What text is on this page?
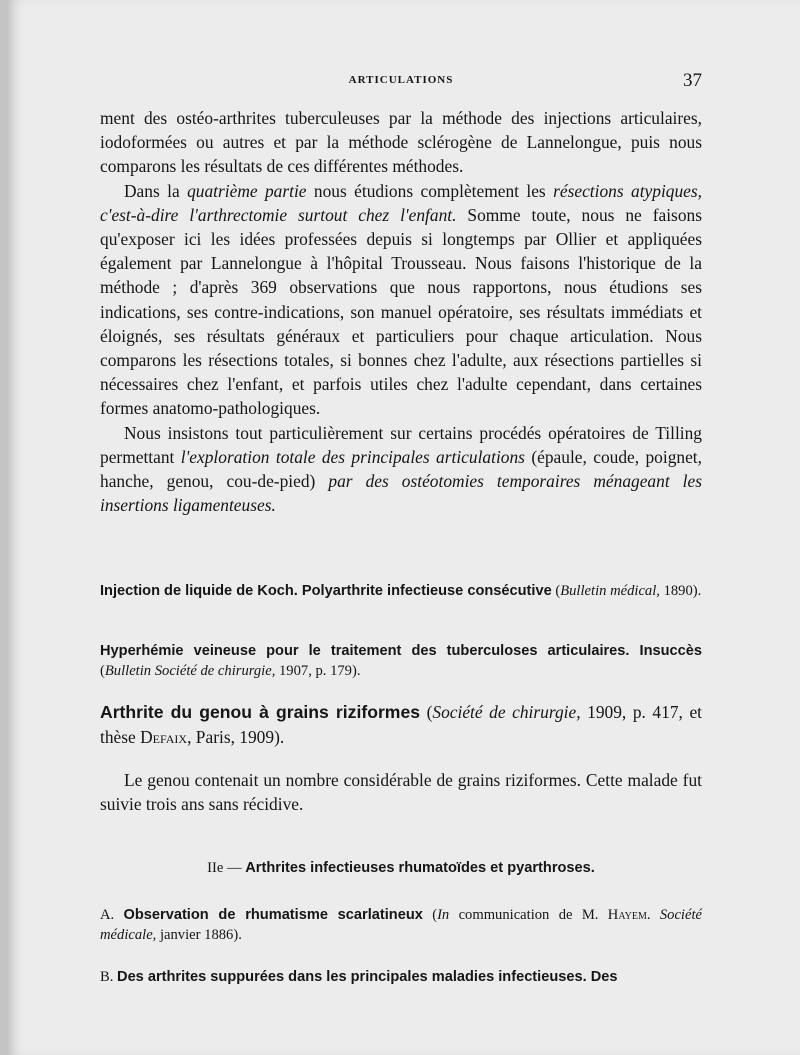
ARTICULATIONS	37

ment des ostéo-arthrites tuberculeuses par la méthode des injections articulaires, iodoformées ou autres et par la méthode sclérogène de Lannelongue, puis nous comparons les résultats de ces différentes méthodes.

Dans la quatrième partie nous étudions complètement les résections atypiques, c'est-à-dire l'arthrectomie surtout chez l'enfant. Somme toute, nous ne faisons qu'exposer ici les idées professées depuis si longtemps par Ollier et appliquées également par Lannelongue à l'hôpital Trousseau. Nous faisons l'historique de la méthode ; d'après 369 observations que nous rapportons, nous étudions ses indications, ses contre-indications, son manuel opératoire, ses résultats immédiats et éloignés, ses résultats généraux et particuliers pour chaque articulation. Nous comparons les résections totales, si bonnes chez l'adulte, aux résections partielles si nécessaires chez l'enfant, et parfois utiles chez l'adulte cependant, dans certaines formes anatomo-pathologiques.

Nous insistons tout particulièrement sur certains procédés opératoires de Tilling permettant l'exploration totale des principales articulations (épaule, coude, poignet, hanche, genou, cou-de-pied) par des ostéotomies temporaires ménageant les insertions ligamenteuses.

Injection de liquide de Koch. Polyarthrite infectieuse consécutive (Bulletin médical, 1890).

Hyperhémie veineuse pour le traitement des tuberculoses articulaires. Insuccès (Bulletin Société de chirurgie, 1907, p. 179).

Arthrite du genou à grains riziformes (Société de chirurgie, 1909, p. 417, et thèse Defaix, Paris, 1909).

Le genou contenait un nombre considérable de grains riziformes. Cette malade fut suivie trois ans sans récidive.

IIe — Arthrites infectieuses rhumatoïdes et pyarthroses.

A. Observation de rhumatisme scarlatineux (In communication de M. Hayem. Société médicale, janvier 1886).

B. Des arthrites suppurées dans les principales maladies infectieuses. Des
